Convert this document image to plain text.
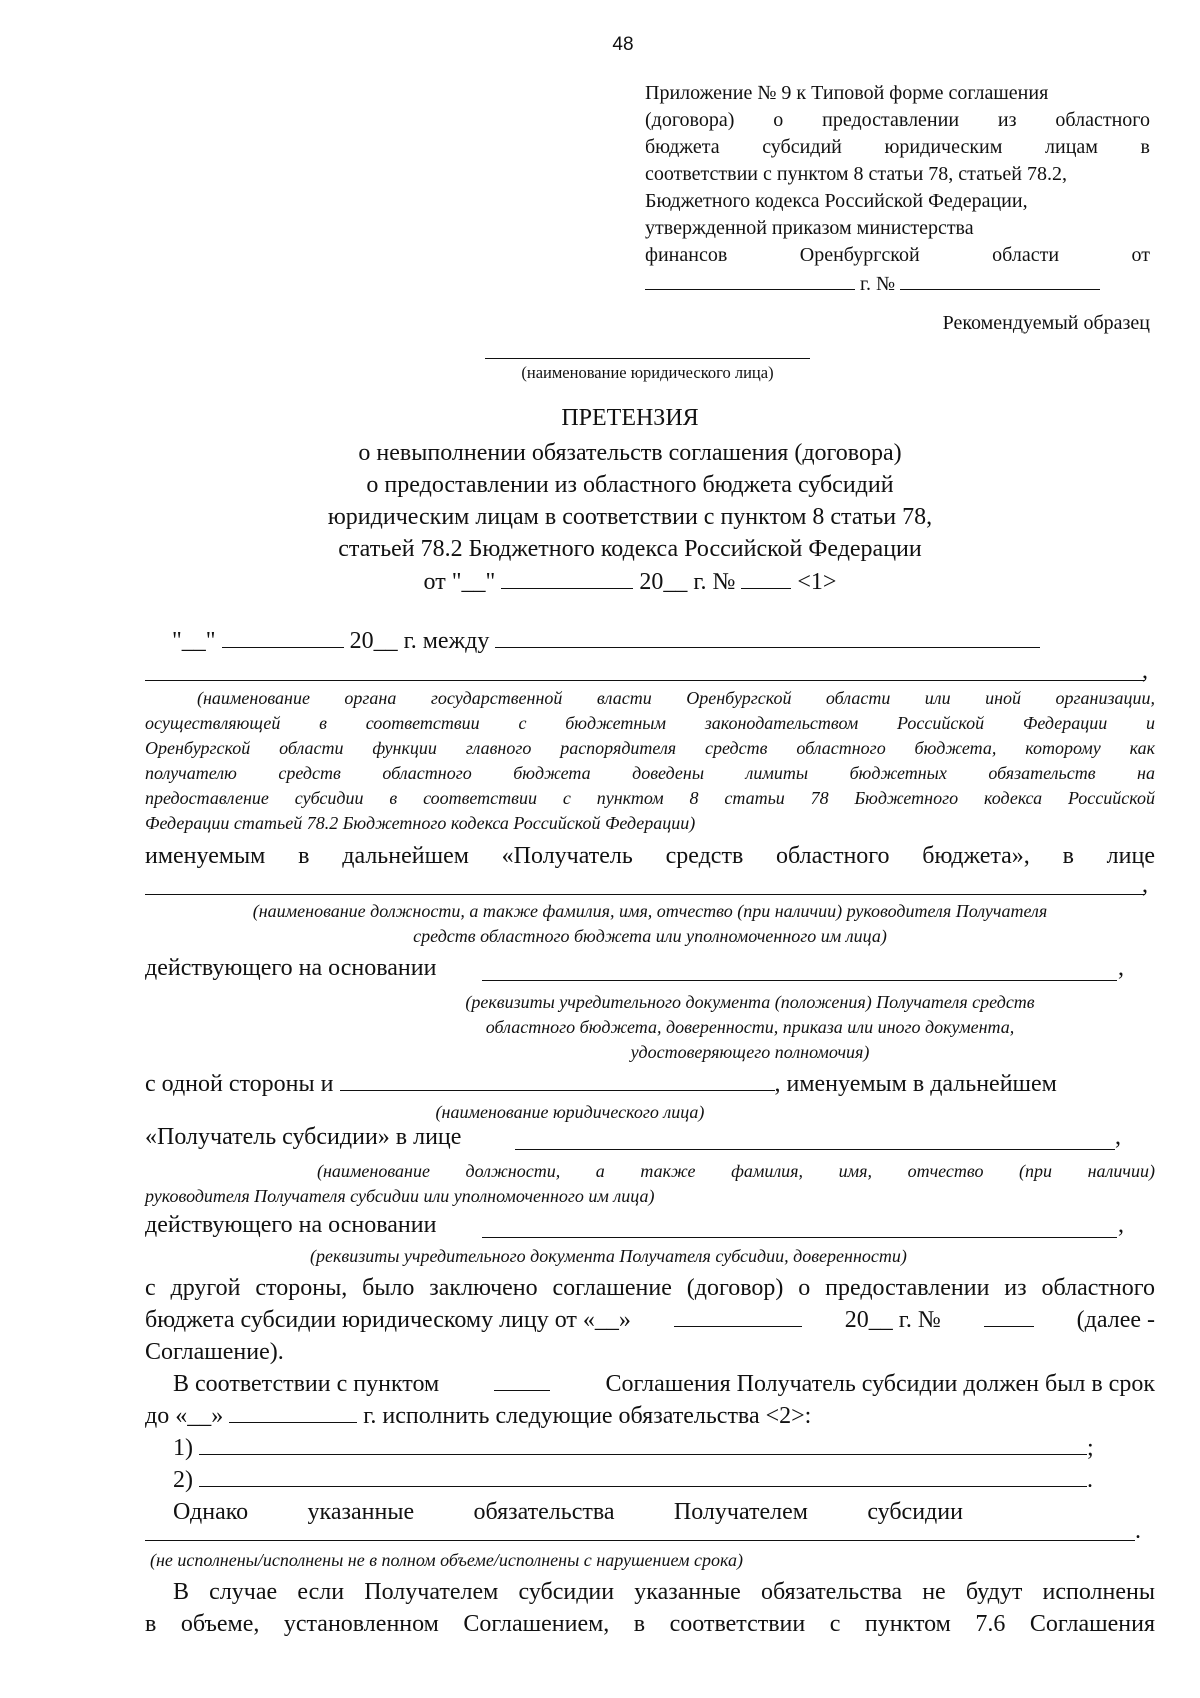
48
Приложение № 9 к Типовой форме соглашения
(договора) о предоставлении из областного
бюджета субсидий юридическим лицам в
соответствии с пунктом 8 статьи 78, статьей 78.2,
Бюджетного кодекса Российской Федерации,
утвержденной приказом министерства
финансов Оренбургской области от
г. №
Рекомендуемый образец
(наименование юридического лица)
ПРЕТЕНЗИЯ
о невыполнении обязательств соглашения (договора)
о предоставлении из областного бюджета субсидий
юридическим лицам в соответствии с пунктом 8 статьи 78,
статьей 78.2 Бюджетного кодекса Российской Федерации
от "__"	20__ г. №	<1>
"__"	20__ г. между
,
(наименование органа государственной власти Оренбургской области или иной организации,
осуществляющей в соответствии с бюджетным законодательством Российской Федерации и
Оренбургской области функции главного распорядителя средств областного бюджета, которому как
получателю средств областного бюджета доведены лимиты бюджетных обязательств на
предоставление субсидии в соответствии с пунктом 8 статьи 78 Бюджетного кодекса Российской
Федерации статьей 78.2 Бюджетного кодекса Российской Федерации)
именуемым в дальнейшем «Получатель средств областного бюджета», в лице
,
(наименование должности, а также фамилия, имя, отчество (при наличии) руководителя Получателя
средств областного бюджета или уполномоченного им лица)
действующего на основании	,
(реквизиты учредительного документа (положения) Получателя средств
областного бюджета, доверенности, приказа или иного документа,
удостоверяющего полномочия)
с одной стороны и	, именуемым в дальнейшем
(наименование юридического лица)
«Получатель субсидии» в лице	,
(наименование должности, а также фамилия, имя, отчество (при наличии)
руководителя Получателя субсидии или уполномоченного им лица)
действующего на основании	,
(реквизиты учредительного документа Получателя субсидии, доверенности)
с другой стороны, было заключено соглашение (договор) о предоставлении из областного
бюджета субсидии юридическому лицу от «__»	20__ г. №	(далее -
Соглашение).
В соответствии с пунктом	Соглашения Получатель субсидии должен был в срок
до «__»	г. исполнить следующие обязательства <2>:
1)	;
2)	.
Однако указанные обязательства Получателем субсидии
.
(не исполнены/исполнены не в полном объеме/исполнены с нарушением срока)
В случае если Получателем субсидии указанные обязательства не будут исполнены
в объеме, установленном Соглашением, в соответствии с пунктом 7.6 Соглашения
